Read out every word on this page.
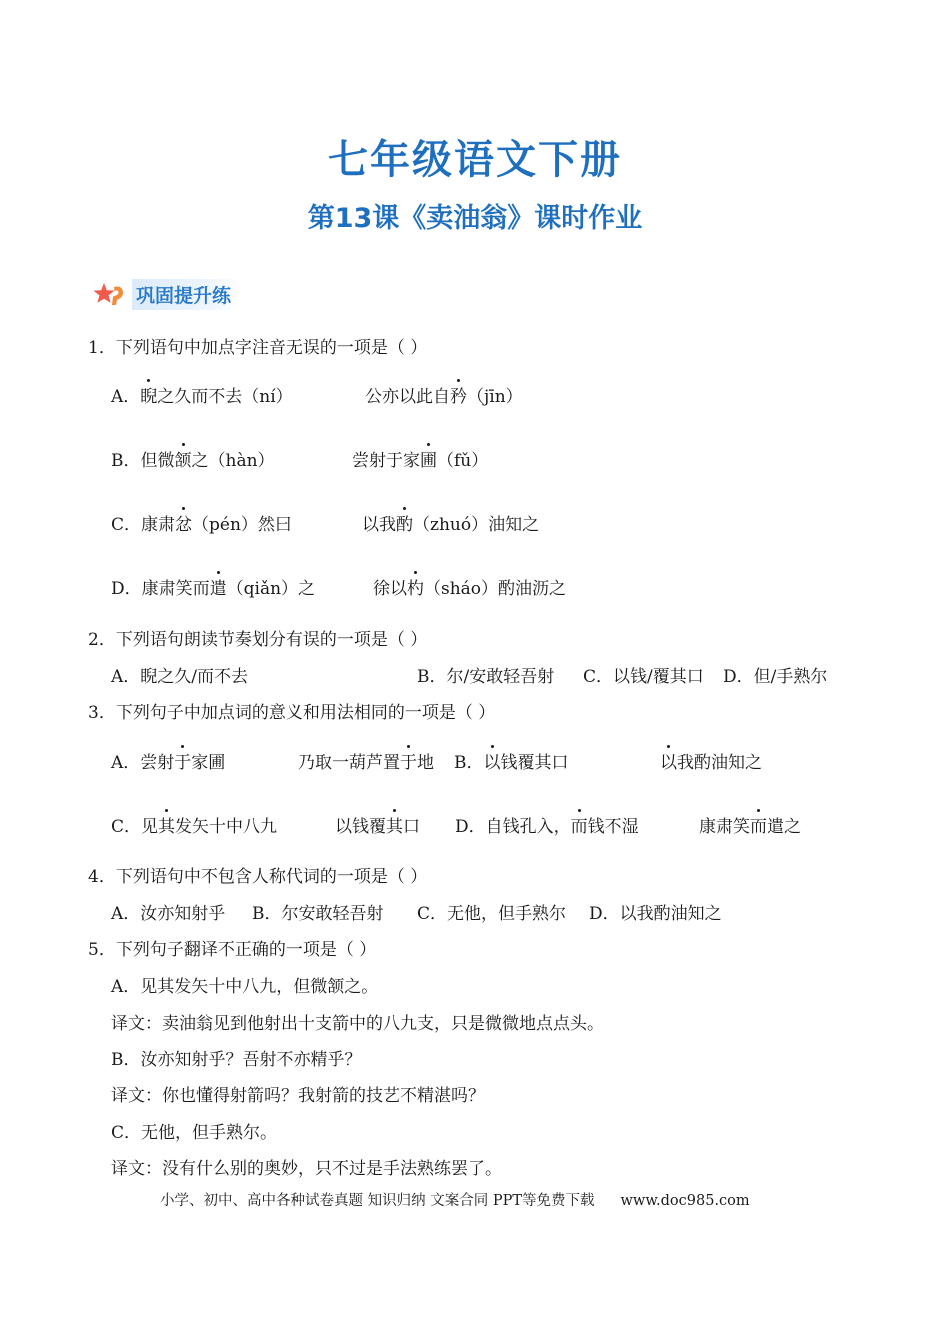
七年级语文下册
第13课《卖油翁》课时作业
巩固提升练
1．下列语句中加点字注音无误的一项是（ ）
A．睨之久而不去（ní）	公亦以此自矜（jīn）
B．但微颔之（hàn）	尝射于家圃（fǔ）
C．康肃忿（pén）然曰	以我酌（zhuó）油知之
D．康肃笑而遣（qiǎn）之	徐以杓（sháo）酌油沥之
2．下列语句朗读节奏划分有误的一项是（ ）
A．睨之久/而不去	B．尔/安敢轻吾射 C．以钱/覆其口 D．但/手熟尔
3．下列句子中加点词的意义和用法相同的一项是（ ）
A．尝射于家圃	乃取一葫芦置于地 B．以钱覆其口	以我酌油知之
C．见其发矢十中八九	以钱覆其口 D．自钱孔入，而钱不湿	康肃笑而遣之
4．下列语句中不包含人称代词的一项是（ ）
A．汝亦知射乎 B．尔安敢轻吾射 C．无他，但手熟尔 D．以我酌油知之
5．下列句子翻译不正确的一项是（ ）
A．见其发矢十中八九，但微颔之。
译文：卖油翁见到他射出十支箭中的八九支，只是微微地点点头。
B．汝亦知射乎？吾射不亦精乎？
译文：你也懂得射箭吗？我射箭的技艺不精湛吗？
C．无他，但手熟尔。
译文：没有什么别的奥妙，只不过是手法熟练罢了。
小学、初中、高中各种试卷真题 知识归纳 文案合同 PPT等免费下载 www.doc985.com
